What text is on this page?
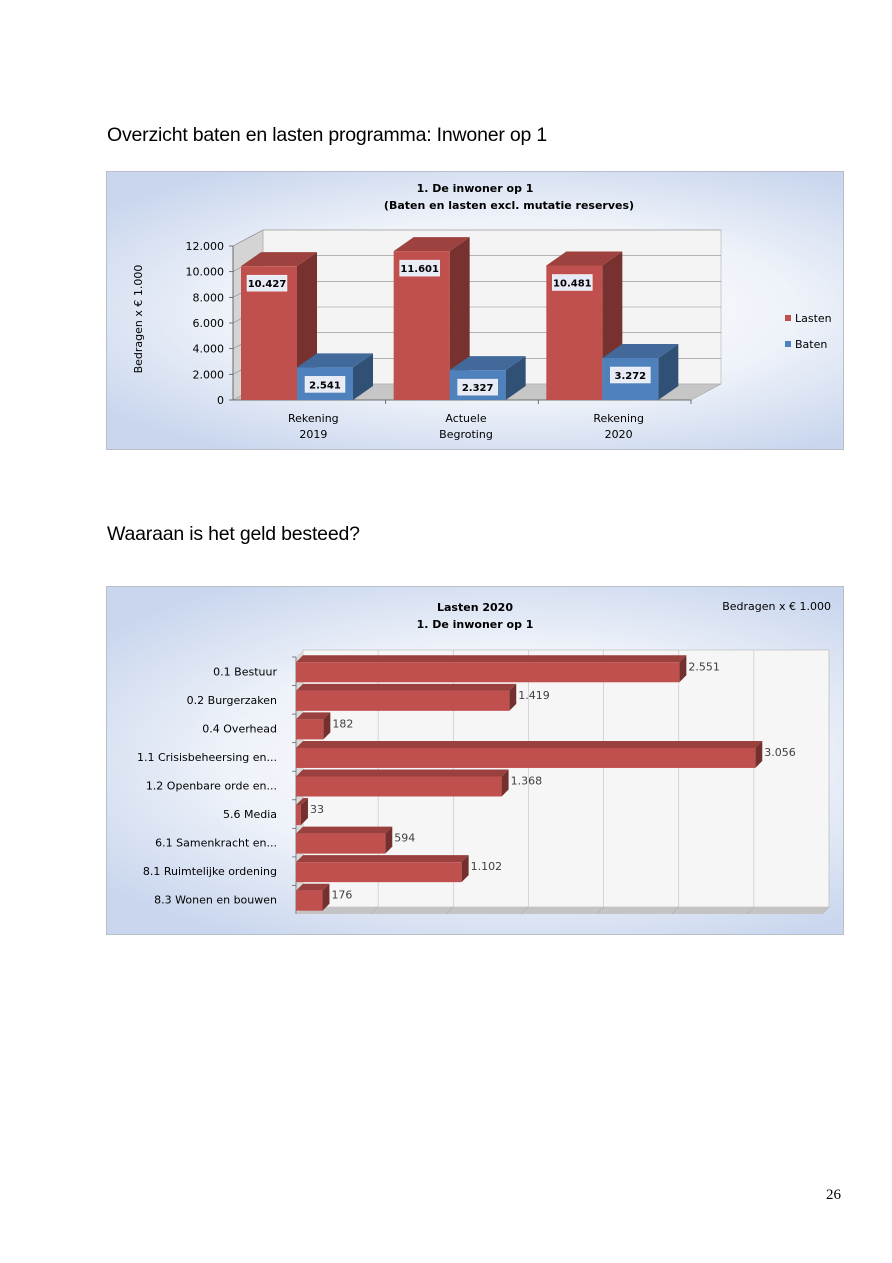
Overzicht baten en lasten programma: Inwoner op 1
1. De inwoner op 1
(Baten en lasten excl. mutatie reserves)
0
2.000
4.000
6.000
8.000
10.000
12.000
Bedragen x € 1.000
Rekening
2019
Actuele
Begroting
Rekening
2020
10.427
11.601
10.481
2.541	2.327
3.272
Lasten
Baten
Waaraan is het geld besteed?
Lasten 2020
1. De inwoner op 1
Bedragen x € 1.000
0.1 Bestuur	2.551
0.2 Burgerzaken	1.419
0.4 Overhead	182
1.1 Crisisbeheersing en...	3.056
1.2 Openbare orde en...	1.368
5.6 Media	33
6.1 Samenkracht en...	594
8.1 Ruimtelijke ordening	1.102
8.3 Wonen en bouwen	176
26
